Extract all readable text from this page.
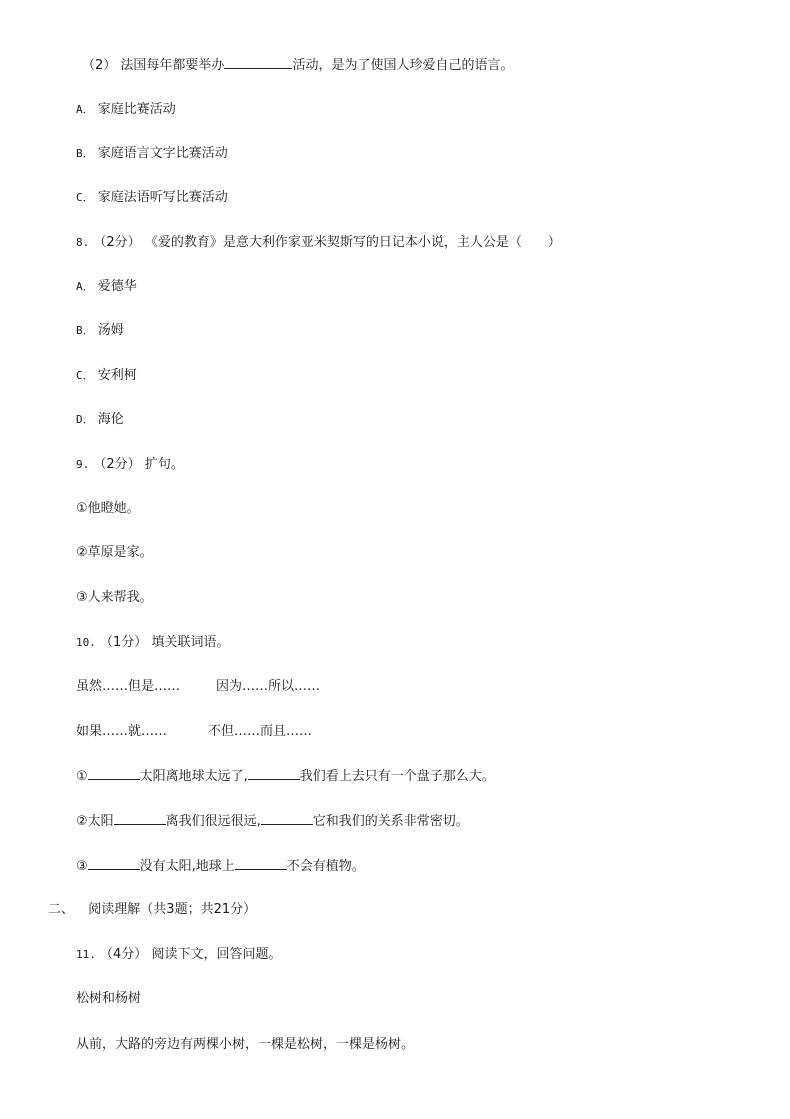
（2） 法国每年都要举办	活动，是为了使国人珍爱自己的语言。
A． 家庭比赛活动
B． 家庭语言文字比赛活动
C． 家庭法语听写比赛活动
8. （2分） 《爱的教育》是意大利作家亚米契斯写的日记本小说，主人公是（　　）
A． 爱德华
B． 汤姆
C． 安利柯
D． 海伦
9. （2分） 扩句。
①他瞪她。
②草原是家。
③人来帮我。
10. （1分） 填关联词语。
虽然……但是……	因为……所以……
如果……就……	不但……而且……
①	太阳离地球太远了,	我们看上去只有一个盘子那么大。
②太阳	离我们很远很远,	它和我们的关系非常密切。
③	没有太阳,地球上	不会有植物。
二、 阅读理解（共3题；共21分）
11. （4分） 阅读下文，回答问题。
松树和杨树
从前，大路的旁边有两棵小树，一棵是松树，一棵是杨树。
